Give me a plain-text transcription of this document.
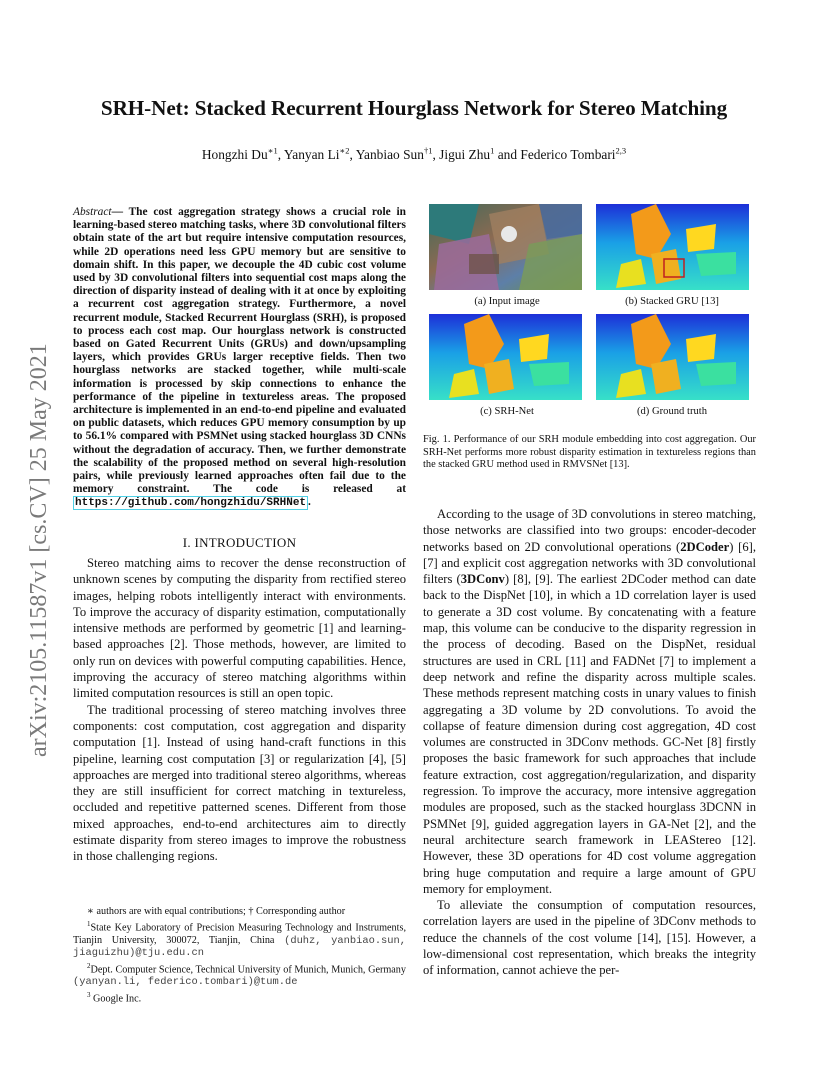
arXiv:2105.11587v1 [cs.CV] 25 May 2021
SRH-Net: Stacked Recurrent Hourglass Network for Stereo Matching
Hongzhi $Du^{∗1}$, Yanyan $Li^{∗2}$, Yanbiao Sun$^{\dagger 1}$, Jigui Zhu$^1$ and Federico Tombari$^{2,3}$
Abstract— The cost aggregation strategy shows a crucial role in learning-based stereo matching tasks, where 3D convolutional filters obtain state of the art but require intensive computation resources, while 2D operations need less GPU memory but are sensitive to domain shift. In this paper, we decouple the 4D cubic cost volume used by 3D convolutional filters into sequential cost maps along the direction of disparity instead of dealing with it at once by exploiting a recurrent cost aggregation strategy. Furthermore, a novel recurrent module, Stacked Recurrent Hourglass (SRH), is proposed to process each cost map. Our hourglass network is constructed based on Gated Recurrent Units (GRUs) and down/upsampling layers, which provides GRUs larger receptive fields. Then two hourglass networks are stacked together, while multi-scale information is processed by skip connections to enhance the performance of the pipeline in textureless areas. The proposed architecture is implemented in an end-to-end pipeline and evaluated on public datasets, which reduces GPU memory consumption by up to 56.1% compared with PSMNet using stacked hourglass 3D CNNs without the degradation of accuracy. Then, we further demonstrate the scalability of the proposed method on several high-resolution pairs, while previously learned approaches often fail due to the memory constraint. The code is released at https://github.com/hongzhidu/SRHNet .
I. INTRODUCTION

Stereo matching aims to recover the dense reconstruction of unknown scenes by computing the disparity from rectified stereo images, helping robots intelligently interact with environments. To improve the accuracy of disparity estimation, computationally intensive methods are performed by geometric [1] and learning-based approaches [2]. Those methods, however, are limited to only run on devices with powerful computing capabilities. Hence, improving the accuracy of stereo matching algorithms within limited computation resources is still an open topic.

The traditional processing of stereo matching involves three components: cost computation, cost aggregation and disparity computation [1]. Instead of using hand-craft functions in this pipeline, learning cost computation [3] or regularization [4], [5] approaches are merged into traditional stereo algorithms, whereas they are still insufficient for correct matching in textureless, occluded and repetitive patterned scenes. Different from those mixed approaches, end-to-end architectures aim to directly estimate disparity from stereo images to improve the robustness in those challenging regions.

∗ authors are with equal contributions; † Corresponding author

$^1$State Key Laboratory of Precision Measuring Technology and Instruments, Tianjin University, 300072, Tianjin, China (duhz, yanbiao.sun, jiaguizhu)@tju.edu.cn

$^2$Dept. Computer Science, Technical University of Munich, Munich, Germany (yanyan.li, federico.tombari)@tum.de

$^3$ Google Inc.

(a) Input image	(b) Stacked GRU [13]
(c) SRH-Net	(d) Ground truth
Fig. 1. Performance of our SRH module embedding into cost aggregation. Our SRH-Net performs more robust disparity estimation in textureless regions than the stacked GRU method used in RMVSNet [13].

According to the usage of 3D convolutions in stereo matching, those networks are classified into two groups: encoder-decoder networks based on 2D convolutional operations (2DCoder) [6], [7] and explicit cost aggregation networks with 3D convolutional filters (3DConv) [8], [9]. The earliest 2DCoder method can date back to the DispNet [10], in which a 1D correlation layer is used to generate a 3D cost volume. By concatenating with a feature map, this volume can be conducive to the disparity regression in the process of decoding. Based on the DispNet, residual structures are used in CRL [11] and FADNet [7] to implement a deep network and refine the disparity across multiple scales. These methods represent matching costs in unary values to finish aggregating a 3D volume by 2D convolutions. To avoid the collapse of feature dimension during cost aggregation, 4D cost volumes are constructed in 3DConv methods. GC-Net [8] firstly proposes the basic framework for such approaches that include feature extraction, cost aggregation/regularization, and disparity regression. To improve the accuracy, more intensive aggregation modules are proposed, such as the stacked hourglass 3DCNN in PSMNet [9], guided aggregation layers in GA-Net [2], and the neural architecture search framework in LEAStereo [12]. However, these 3D operations for 4D cost volume aggregation bring huge computation and require a large amount of GPU memory for employment.

To alleviate the consumption of computation resources, correlation layers are used in the pipeline of 3DConv methods to reduce the channels of the cost volume [14], [15]. However, a low-dimensional cost representation, which breaks the integrity of information, cannot achieve the per-
